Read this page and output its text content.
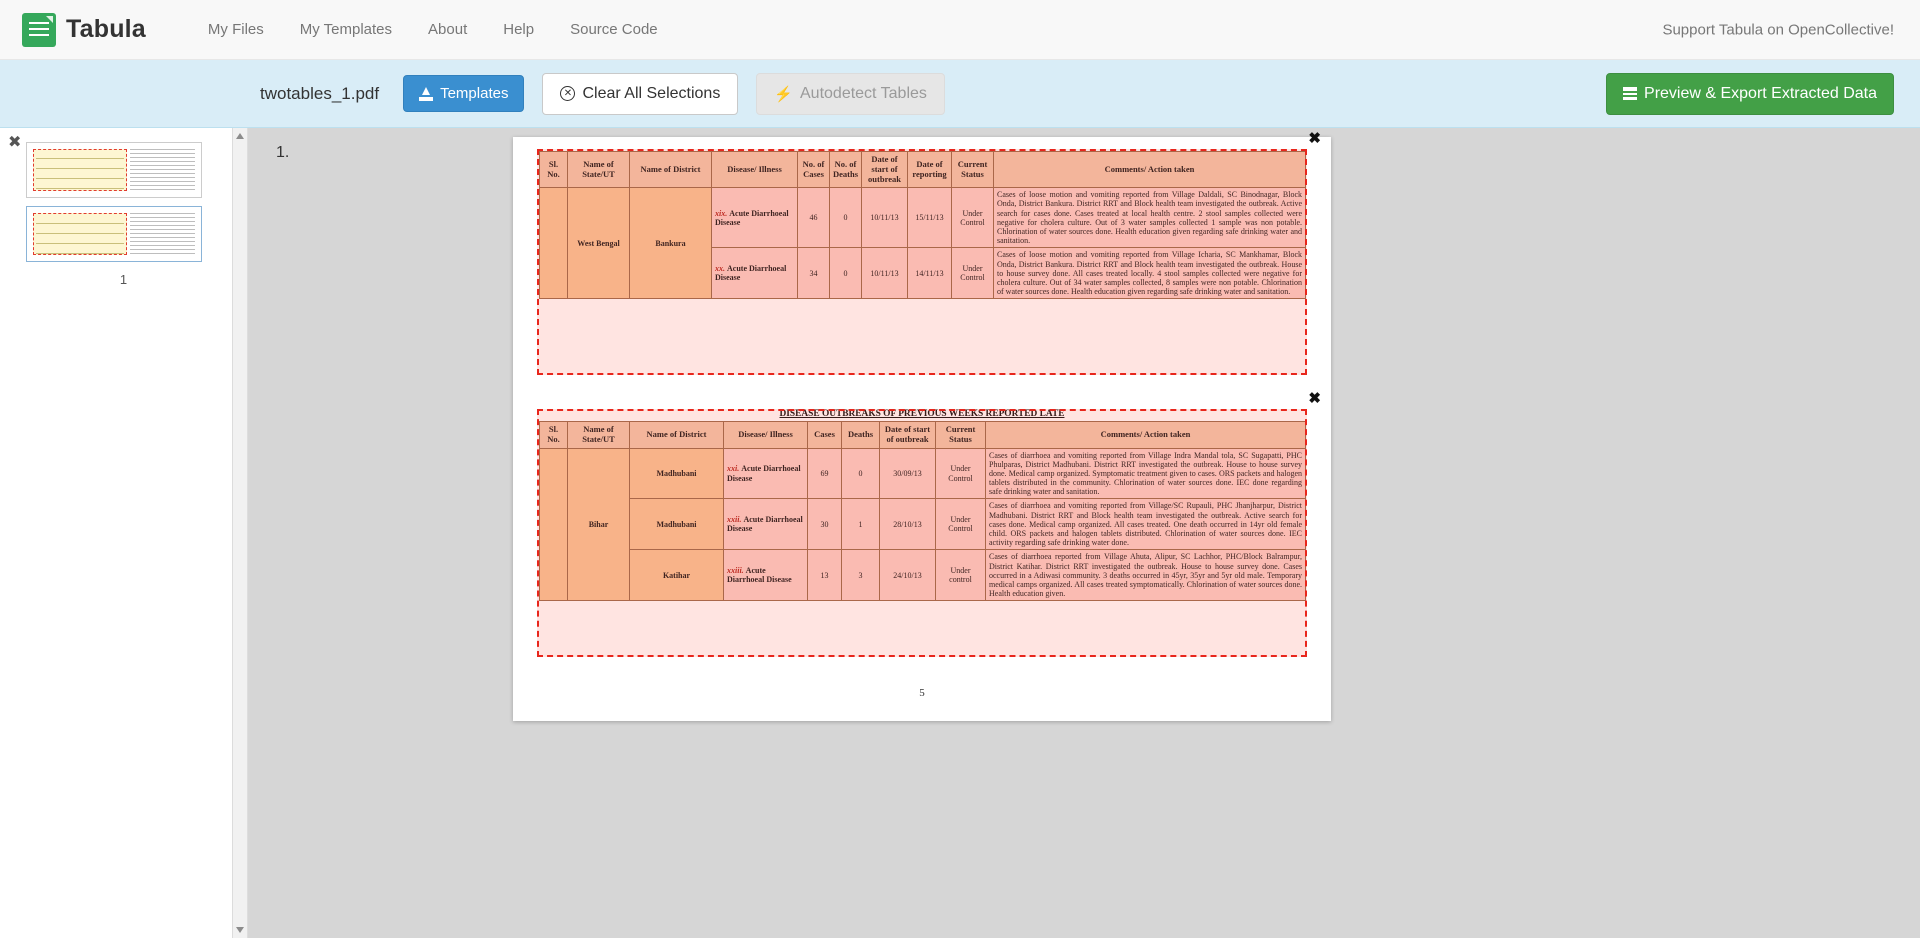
Tabula	My Files	My Templates	About	Help	Source Code	Support Tabula on OpenCollective!
twotables_1.pdf	Templates	✕ Clear All Selections	⚡ Autodetect Tables	Preview & Export Extracted Data
✖
1
1.
Sl. No.	Name of State/UT	Name of District	Disease/ Illness	No. of Cases	No. of Deaths	Date of start of outbreak	Date of reporting	Current Status	Comments/ Action taken
	West Bengal	Bankura	xix. Acute Diarrhoeal Disease	46	0	10/11/13	15/11/13	Under Control	Cases of loose motion and vomiting reported from Village Daldali, SC Binodnagar, Block Onda, District Bankura. District RRT and Block health team investigated the outbreak. Active search for cases done. Cases treated at local health centre. 2 stool samples collected were negative for cholera culture. Out of 3 water samples collected 1 sample was non potable. Chlorination of water sources done. Health education given regarding safe drinking water and sanitation.
			xx. Acute Diarrhoeal Disease	34	0	10/11/13	14/11/13	Under Control	Cases of loose motion and vomiting reported from Village Icharia, SC Mankhamar, Block Onda, District Bankura. District RRT and Block health team investigated the outbreak. House to house survey done. All cases treated locally. 4 stool samples collected were negative for cholera culture. Out of 34 water samples collected, 8 samples were non potable. Chlorination of water sources done. Health education given regarding safe drinking water and sanitation.
DISEASE OUTBREAKS OF PREVIOUS WEEKS REPORTED LATE
Sl. No.	Name of State/UT	Name of District	Disease/ Illness	Cases	Deaths	Date of start of outbreak	Current Status	Comments/ Action taken
	Bihar	Madhubani	xxi. Acute Diarrhoeal Disease	69	0	30/09/13	Under Control	Cases of diarrhoea and vomiting reported from Village Indra Mandal tola, SC Sugapatti, PHC Phulparas, District Madhubani. District RRT investigated the outbreak. House to house survey done. Medical camp organized. Symptomatic treatment given to cases. ORS packets and halogen tablets distributed in the community. Chlorination of water sources done. IEC done regarding safe drinking water and sanitation.
		Madhubani	xxii. Acute Diarrhoeal Disease	30	1	28/10/13	Under Control	Cases of diarrhoea and vomiting reported from Village/SC Rupauli, PHC Jhanjharpur, District Madhubani. District RRT and Block health team investigated the outbreak. Active search for cases done. Medical camp organized. All cases treated. One death occurred in 14yr old female child. ORS packets and halogen tablets distributed. Chlorination of water sources done. IEC activity regarding safe drinking water done.
		Katihar	xxiii. Acute Diarrhoeal Disease	13	3	24/10/13	Under control	Cases of diarrhoea reported from Village Ahuta, Alipur, SC Lachhor, PHC/Block Balrampur, District Katihar. District RRT investigated the outbreak. House to house survey done. Cases occurred in a Adiwasi community. 3 deaths occurred in 45yr, 35yr and 5yr old male. Temporary medical camps organized. All cases treated symptomatically. Chlorination of water sources done. Health education given.
✖
✖
5
